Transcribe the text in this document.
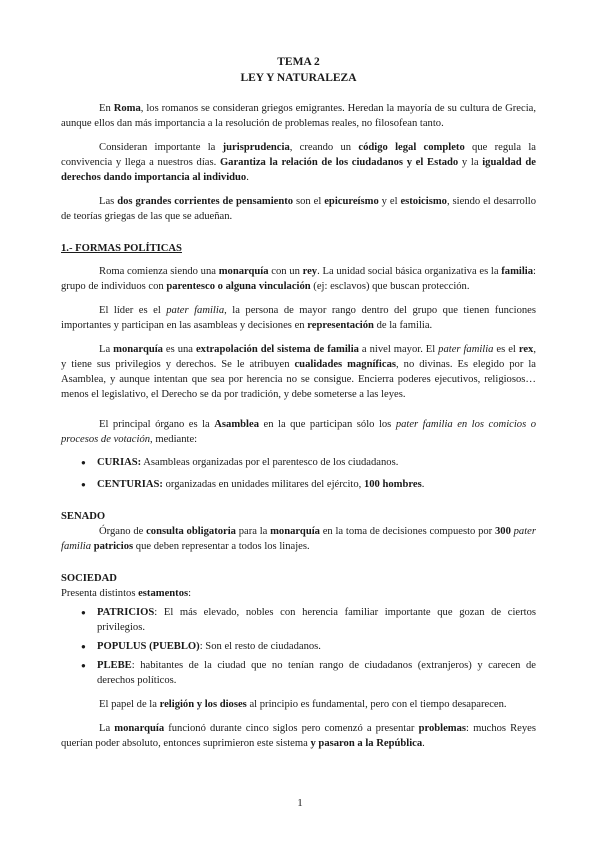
TEMA 2

LEY Y NATURALEZA

En Roma, los romanos se consideran griegos emigrantes. Heredan la mayoría de su cultura de Grecia, aunque ellos dan más importancia a la resolución de problemas reales, no filosofean tanto.

Consideran importante la jurisprudencia, creando un código legal completo que regula la convivencia y llega a nuestros días. Garantiza la relación de los ciudadanos y el Estado y la igualdad de derechos dando importancia al individuo.

Las dos grandes corrientes de pensamiento son el epicureísmo y el estoicismo, siendo el desarrollo de teorías griegas de las que se adueñan.

1.- FORMAS POLÍTICAS

Roma comienza siendo una monarquía con un rey. La unidad social básica organizativa es la familia: grupo de individuos con parentesco o alguna vinculación (ej: esclavos) que buscan protección.

El líder es el pater familia, la persona de mayor rango dentro del grupo que tienen funciones importantes y participan en las asambleas y decisiones en representación de la familia.

La monarquía es una extrapolación del sistema de familia a nivel mayor. El pater familia es el rex, y tiene sus privilegios y derechos. Se le atribuyen cualidades magníficas, no divinas. Es elegido por la Asamblea, y aunque intentan que sea por herencia no se consigue. Encierra poderes ejecutivos, religiosos… menos el legislativo, el Derecho se da por tradición, y debe someterse a las leyes.

El principal órgano es la Asamblea en la que participan sólo los pater familia en los comicios o procesos de votación, mediante:

● CURIAS: Asambleas organizadas por el parentesco de los ciudadanos.
● CENTURIAS: organizadas en unidades militares del ejército, 100 hombres.

SENADO

Órgano de consulta obligatoria para la monarquía en la toma de decisiones compuesto por 300 pater familia patricios que deben representar a todos los linajes.

SOCIEDAD

Presenta distintos estamentos:

● PATRICIOS: El más elevado, nobles con herencia familiar importante que gozan de ciertos privilegios.
● POPULUS (PUEBLO): Son el resto de ciudadanos.
● PLEBE: habitantes de la ciudad que no tenían rango de ciudadanos (extranjeros) y carecen de derechos políticos.

El papel de la religión y los dioses al principio es fundamental, pero con el tiempo desaparecen.

La monarquía funcionó durante cinco siglos pero comenzó a presentar problemas: muchos Reyes querían poder absoluto, entonces suprimieron este sistema y pasaron a la República.

1
